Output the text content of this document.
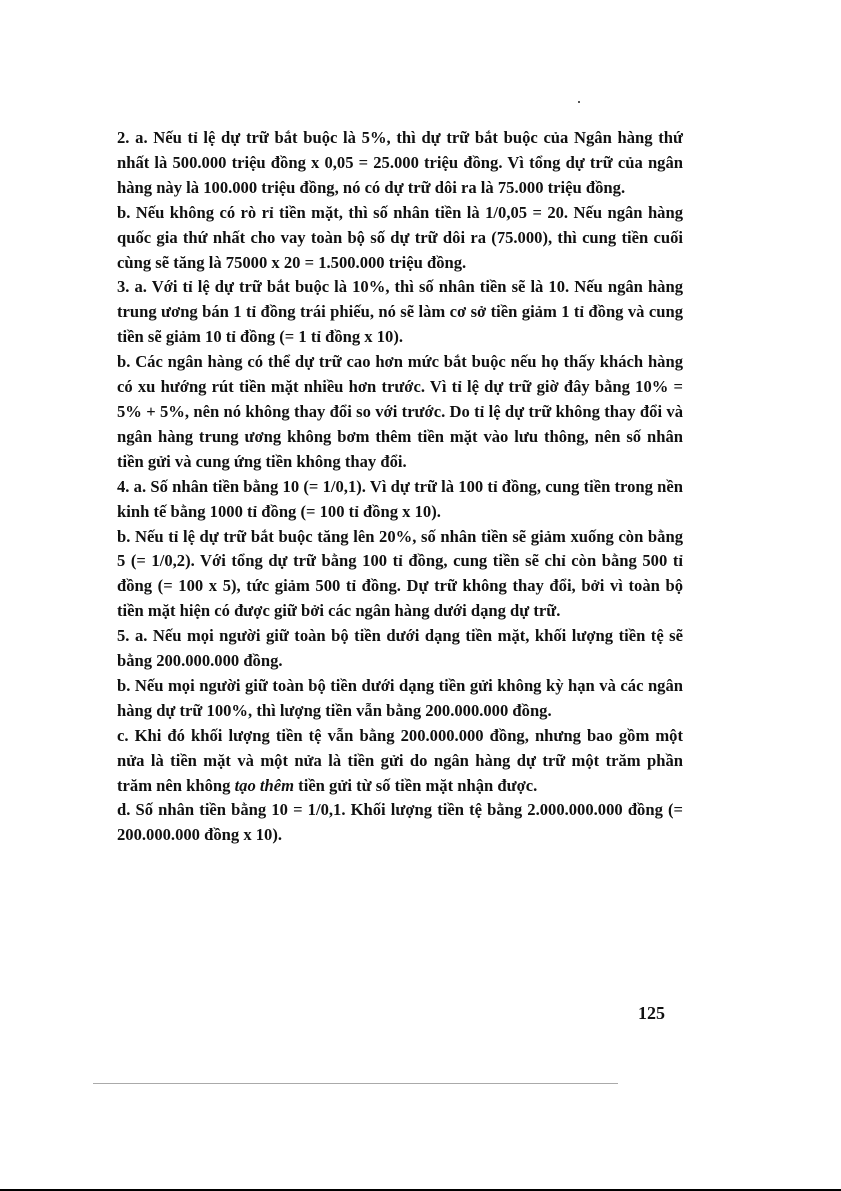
2. a. Nếu tỉ lệ dự trữ bắt buộc là 5%, thì dự trữ bắt buộc của Ngân hàng thứ nhất là 500.000 triệu đồng x 0,05 = 25.000 triệu đồng. Vì tổng dự trữ của ngân hàng này là 100.000 triệu đồng, nó có dự trữ dôi ra là 75.000 triệu đồng.

b. Nếu không có rò rỉ tiền mặt, thì số nhân tiền là 1/0,05 = 20. Nếu ngân hàng quốc gia thứ nhất cho vay toàn bộ số dự trữ dôi ra (75.000), thì cung tiền cuối cùng sẽ tăng là 75000 x 20 = 1.500.000 triệu đồng.

3. a. Với tỉ lệ dự trữ bắt buộc là 10%, thì số nhân tiền sẽ là 10. Nếu ngân hàng trung ương bán 1 tỉ đồng trái phiếu, nó sẽ làm cơ sở tiền giảm 1 tỉ đồng và cung tiền sẽ giảm 10 tỉ đồng (= 1 tỉ đồng x 10).

b. Các ngân hàng có thể dự trữ cao hơn mức bắt buộc nếu họ thấy khách hàng có xu hướng rút tiền mặt nhiều hơn trước. Vì tỉ lệ dự trữ giờ đây bằng 10% = 5% + 5%, nên nó không thay đổi so với trước. Do tỉ lệ dự trữ không thay đổi và ngân hàng trung ương không bơm thêm tiền mặt vào lưu thông, nên số nhân tiền gửi và cung ứng tiền không thay đổi.

4. a. Số nhân tiền bằng 10 (= 1/0,1). Vì dự trữ là 100 tỉ đồng, cung tiền trong nền kinh tế bằng 1000 tỉ đồng (= 100 tỉ đồng x 10).

b. Nếu tỉ lệ dự trữ bắt buộc tăng lên 20%, số nhân tiền sẽ giảm xuống còn bằng 5 (= 1/0,2). Với tổng dự trữ bằng 100 tỉ đồng, cung tiền sẽ chỉ còn bằng 500 tỉ đồng (= 100 x 5), tức giảm 500 tỉ đồng. Dự trữ không thay đổi, bởi vì toàn bộ tiền mặt hiện có được giữ bởi các ngân hàng dưới dạng dự trữ.

5. a. Nếu mọi người giữ toàn bộ tiền dưới dạng tiền mặt, khối lượng tiền tệ sẽ bằng 200.000.000 đồng.

b. Nếu mọi người giữ toàn bộ tiền dưới dạng tiền gửi không kỳ hạn và các ngân hàng dự trữ 100%, thì lượng tiền vẫn bằng 200.000.000 đồng.

c. Khi đó khối lượng tiền tệ vẫn bằng 200.000.000 đồng, nhưng bao gồm một nửa là tiền mặt và một nửa là tiền gửi do ngân hàng dự trữ một trăm phần trăm nên không tạo thêm tiền gửi từ số tiền mặt nhận được.

d. Số nhân tiền bằng 10 = 1/0,1. Khối lượng tiền tệ bằng 2.000.000.000 đồng (= 200.000.000 đồng x 10).

125
